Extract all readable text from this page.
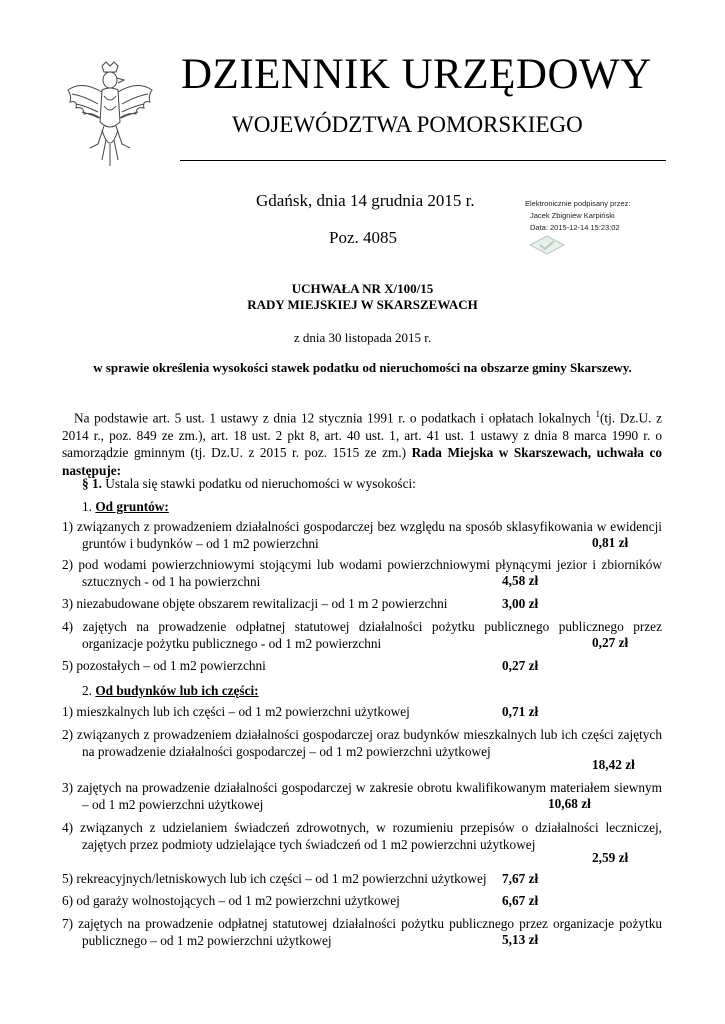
DZIENNIK URZĘDOWY
WOJEWÓDZTWA POMORSKIEGO
Gdańsk, dnia 14 grudnia 2015 r.
Poz. 4085
Elektronicznie podpisany przez:
Jacek Zbigniew Karpiński
Data: 2015-12-14 15:23:02
UCHWAŁA NR X/100/15
RADY MIEJSKIEJ W SKARSZEWACH
z dnia 30 listopada 2015 r.
w sprawie określenia wysokości stawek podatku od nieruchomości na obszarze gminy Skarszewy.
Na podstawie art. 5 ust. 1 ustawy z dnia 12 stycznia 1991 r. o podatkach i opłatach lokalnych $^1$(tj. Dz.U. z 2014 r., poz. 849 ze zm.), art. 18 ust. 2 pkt 8, art. 40 ust. 1, art. 41 ust. 1 ustawy z dnia 8 marca 1990 r. o samorządzie gminnym (tj. Dz.U. z 2015 r. poz. 1515 ze zm.) Rada Miejska w Skarszewach, uchwała co następuje:
§ 1. Ustala się stawki podatku od nieruchomości w wysokości:
1. Od gruntów:
1) związanych z prowadzeniem działalności gospodarczej bez względu na sposób sklasyfikowania w ewidencji gruntów i budynków – od 1 m2 powierzchni	0,81 zł
2) pod wodami powierzchniowymi stojącymi lub wodami powierzchniowymi płynącymi jezior i zbiorników sztucznych - od 1 ha powierzchni	4,58 zł
3) niezabudowane objęte obszarem rewitalizacji – od 1 m 2 powierzchni	3,00 zł
4) zajętych na prowadzenie odpłatnej statutowej działalności pożytku publicznego publicznego przez organizacje pożytku publicznego - od 1 m2 powierzchni	0,27 zł
5) pozostałych – od 1 m2 powierzchni	0,27 zł
2. Od budynków lub ich części:
1) mieszkalnych lub ich części – od 1 m2 powierzchni użytkowej	0,71 zł
2) związanych z prowadzeniem działalności gospodarczej oraz budynków mieszkalnych lub ich części zajętych na prowadzenie działalności gospodarczej – od 1 m2 powierzchni użytkowej
18,42 zł
3) zajętych na prowadzenie działalności gospodarczej w zakresie obrotu kwalifikowanym materiałem siewnym – od 1 m2 powierzchni użytkowej	10,68 zł
4) związanych z udzielaniem świadczeń zdrowotnych, w rozumieniu przepisów o działalności leczniczej, zajętych przez podmioty udzielające tych świadczeń od 1 m2 powierzchni użytkowej
2,59 zł
5) rekreacyjnych/letniskowych lub ich części – od 1 m2 powierzchni użytkowej	7,67 zł
6) od garaży wolnostojących – od 1 m2 powierzchni użytkowej	6,67 zł
7) zajętych na prowadzenie odpłatnej statutowej działalności pożytku publicznego przez organizacje pożytku publicznego – od 1 m2 powierzchni użytkowej	5,13 zł
